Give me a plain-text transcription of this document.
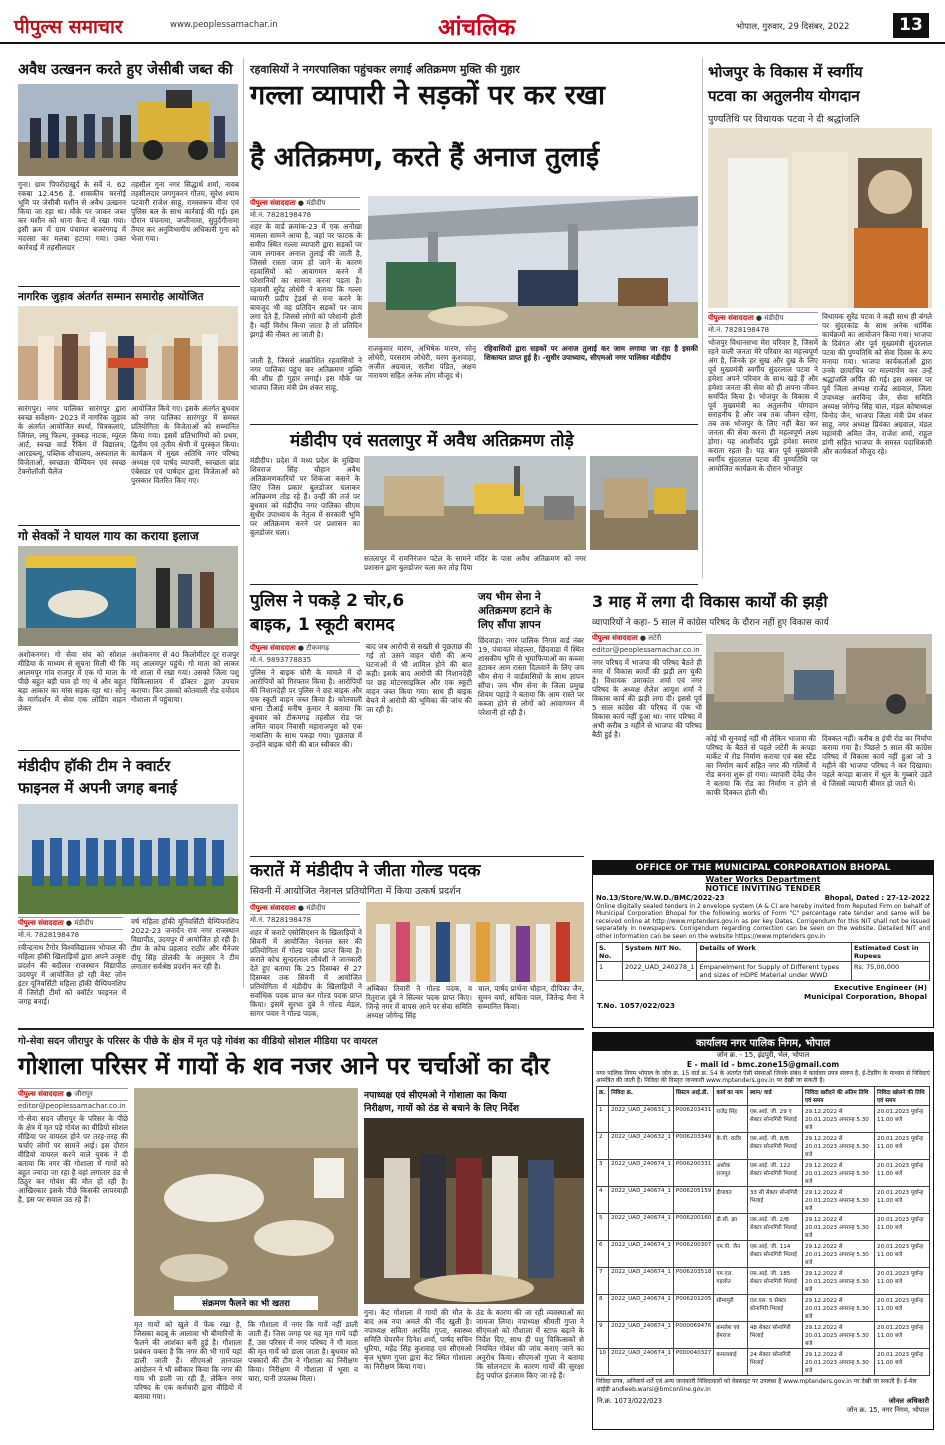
पीपुल्स समाचार	www.peoplessamachar.in	आंचलिक	भोपाल, गुरुवार, 29 दिसंबर, 2022	13
अवैध उत्खनन करते हुए जेसीबी जब्त की
गुना। ग्राम पिपरोदाखुर्द के सर्वे नं. 62 रकबा 12.456 हे. शासकीय चरनोई भूमि पर जेसीबी मशीन से अवैध उत्खनन किया जा रहा था। मौके पर जाकर जब्त कर मशीन को थाना कैन्ट में रखा गया। इसी क्रम में ग्राम पंचायत बजरंगगढ़ में मदरसा का मलबा हटाया गया। उक्त कार्रवाई में तहसीलदार
तहसील गुना नगर सिद्धार्थ शर्मा, नायब तहसीलदार जगगुकरन गौतम, सुरेश श्याम पटवारी राजेश साहू, रामस्वरूप मीना एवं पुलिस बल के साथ कार्रवाई की गई। इस दौरान पंचनामा, जप्तीनामा, सुपुर्दगीनामा तैयार कर अनुविभागीय अधिकारी गुना को भेजा गया।
नागरिक जुड़ाव अंतर्गत सम्मान समारोह आयोजित
सारंगपुर। नगर पालिका सारंगपुर द्वारा स्वच्छ सर्वेक्षण- 2023 में नागरिक जुड़ाव के अंतर्गत आयोजित स्पर्धा, चित्रकलाएं, जिंगल, लघु फिल्म, नुक्कड़ नाटक, म्यूरल आर्ट, स्वच्छ वार्ड रैंकिंग में विद्यालय, आरडब्ल्यू, पब्लिक शौचालय, अस्पताल के विजेताओं, स्वच्छता चैम्पियन एवं स्वच्छ टेक्नोलॉजी चैलेंज
आयोजित किये गए। इसके अंतर्गत बुधवार को नगर पालिका सारंगपुर में समस्त प्रतियोगिता के विजेताओं को सम्मानित किया गया। इसमें प्रतिभागियों को प्रथम, द्वितीय एवं तृतीय श्रेणी में पुरस्कृत किया। कार्यक्रम में मुख्य अतिथि नगर परिषद अध्यक्ष एवं पार्षद व्यापारी, स्वच्छता ब्रांड एंबेसडर एवं पार्षदार द्वारा विजेताओं को पुरस्कार वितरित किए गए।
गो सेवकों ने घायल गाय का कराया इलाज
अशोकनगर। गो सेवा संघ को सोशल मीडिया के माध्यम से सूचना मिली थी कि आलमपुर गांव राजपुर में एक गो माता के पीछे बहुत बड़ी घाव हो गए थे और बहुत बड़ा आकार का मांस सड़क रहा था। सोनू के मार्गदर्शन में सेवा एक लोडिंग वाहन लेकर
अशोकनगर से 40 किलोमीटर दूर राजपुर मद् आलमपुर पहुंचे। गो माता को लाकर गो शाला में रखा गया। उसको जिला पशु चिकित्सालय में डॉक्टर द्वारा उपचार कराया। फिर उसको कोतवाली रोड दयोदय गौशाला में पहुंचाया।
मंडीदीप हॉकी टीम ने क्वार्टर
फाइनल में अपनी जगह बनाई
पीपुल्स संवाददाता ● मंडीदीप
मो.नं. 7828198478
रवीन्द्रनाथ टैगोर विश्वविद्यालय भोपाल की महिला हॉकी खिलाड़ियों द्वारा अपने उत्कृष्ट प्रदर्शन की बदौलत राजस्थान विद्यापीठ उदयपुर में आयोजित हो रही वेस्ट ज़ोन इंटर यूनिवर्सिटी महिला हॉकी चैम्पियनशिप में जिरोही टीमों को क्वॉर्टर फाइनल में जगह बनाई।
वर्ष महिला हॉकी यूनिवर्सिटी चैम्पियनशिप 2022-23 जनार्दन राय नगर राजस्थान विद्यापीठ, उदयपुर में आयोजित हो रही है। टीम के कोच प्रहलाद राठौर और मैनेजर दीपू सिंह ठोलंकी के अनुसार ने टीम लगातार सर्वश्रेष्ठ प्रदर्शन कर रही है।
रहवासियों ने नगरपालिका पहुंचकर लगाई अतिक्रमण मुक्ति की गुहार
गल्ला व्यापारी ने सड़कों पर कर रखा
है अतिक्रमण, करते हैं अनाज तुलाई
पीपुल्स संवाददाता ● मंडीदीप
मो.नं. 7828198478
शहर के वार्ड क्रमांक-23 में एक अनोखा मामला सामने आया है, जहां पर फाटक के समीप स्थित गल्ला व्यापारी द्वारा सड़कों पर जाम लगाकर अनाज तुलाई की जाती है, जिससे रास्ता जाम हो जाने के कारण रहवासियों को आवागमन करने में परेशानियों का सामना करना पड़ता है। रहवासी सुरेंद्र लोधेरी ने बताया कि गल्ला व्यापारी प्रदीप ट्रेडर्स से मना करने के बावजूद भी वह प्रतिदिन सड़कों पर जाम लगा देते हैं, जिससे लोगों को परेशानी होती है। वहीं विरोध किया जाता है तो प्रतिदिन झगड़े की नौबत आ जाती है।
जाती है, जिससे आक्रोशित रहवासियों ने नगर पालिका पहुंच कर अतिक्रमण मुक्ति की शीघ्र ही गुहार लगाई। इस मौके पर भाजपा जिला मंत्री प्रेम शंकर साहू,
राजकुमार मारण, अभिषेक मारण, सोनू लोधेरी, परसराम लोधेरी, चरण कुशवाहा, अजीत अग्रवाल, सतीश पंडित, अक्षय नारायण सहित अनेक लोग मौजूद थे।
रहिवासियों द्वारा सड़कों पर अनाज तुलाई कर जाम लगाया जा रहा है इसकी शिकायत प्राप्त हुई है। -सुधीर उपाध्याय, सीएमओ नगर पालिका मंडीदीप
मंडीदीप एवं सतलापुर में अवैध अतिक्रमण तोड़े
मंडीदीप। प्रदेश में मध्य प्रदेश के मुखिया शिवराज सिंह चौहान अवैध अतिक्रमणकारियों पर शिकंजा कसने के लिए जिस प्रकार बुलडोजर चलाकर अतिक्रमण तोड़ रहे हैं। उन्हीं की तर्ज पर बुधवार को मंडीदीप नगर पालिका सीएम सुधीर उपाध्याय के नेतृत्व में सरकारी भूमि पर अतिक्रमण करने पर प्रशासन का बुलडोजर चला।
सतलापुर में रामनिरंजन पटेल के सामने मंदिर के पास अवैध अतिक्रमण को नगर प्रशासन द्वारा बुलडोजर चला कर तोड़ दिया
पुलिस ने पकड़े 2 चोर,6
बाइक, 1 स्कूटी बरामद
पीपुल्स संवाददाता ● टीकमगढ़
मो.नं. 9893778835
पुलिस ने बाइक चोरी के मामले में दो आरोपियों को गिरफ्तार किया है। आरोपियों की निशानदेही पर पुलिस ने छह बाइक और एक स्कूटी वाहन जब्त किया है। कोतवाली थाना टीआई मनीष कुमार ने बताया कि बुधवार को टीकमगढ़ तहसील रोड पर अमित यादव निवासी महाराजपुरा को एक नाबालिग के साथ पकड़ा गया। पूछताछ में उन्होंने बाइक चोरी की बात स्वीकार की।
बाद जब आरोपी से सख्ती से पूछताछ की गई तो उसने वाहन चोरी की अन्य घटनाओं में भी शामिल होने की बात कही। इसके बाद आरोपी की निशानदेही पर छह मोटरसाइकिल और एक स्कूटी वाहन जब्त किया गया। साथ ही बाइक बेचने में आरोपी की भूमिका की जांच की जा रही है।
जय भीम सेना ने
अतिक्रमण हटाने के
लिए सौंपा ज्ञापन
छिंदवाड़ा। नगर पालिक निगम वार्ड नंबर 19, पंचायत मोहल्ला, छिंदवाड़ा में स्थित शासकीय भूमि से भूमाफियाओं का कब्जा हटाकर आम रास्ता दिलवाने के लिए जय भीम सेना ने वार्डवासियों के साथ ज्ञापन सौंपा। जय भीम सेना के जिला प्रमुख शिवम पहाड़े ने बताया कि आम रास्ते पर कब्जा होने से लोगों को आवागमन में परेशानी हो रही है।
3 माह में लगा दी विकास कार्यों की झड़ी
व्यापारियों ने कहा- 5 साल में कांग्रेस परिषद के दौरान नहीं हुए विकास कार्य
पीपुल्स संवाददाता ● लटेरी
editor@peoplessamachar.co.in
नगर परिषद में भाजपा की परिषद बैठते ही नगर में विकास कार्यों की झड़ी लग चुकी है। विधायक उमाकांत शर्मा एवं नगर परिषद के अध्यक्ष शैलेश आयुश शर्मा ने विकास कार्य की झड़ी लगा दी। इससे पूर्व 5 साल कांग्रेस की परिषद में एक भी विकास कार्य नहीं हुआ था। नगर परिषद में अभी करीब 3 महीने से भाजपा की परिषद बैठी हुई है।	कोई भी सुनवाई नहीं थी लेकिन भाजपा की परिषद के बैठते से पहले लटेरी के कपड़ा मार्केट में रोड निर्माण कराया एवं बस स्टैंड का निर्माण कार्य सहित नगर की गलियों में रोड बनना शुरू हो गया। व्यापारी देवेंद्र जैन ने बताया कि रोड का निर्माण न होने से काफी दिक्कत होती थी।
दिक्कत नहीं। करीब 8 इंची रोड का निर्माण कराया गया है। पिछले 5 साल की कांग्रेस परिषद में विकास कार्य नहीं हुआ जो 3 महीने की भाजपा परिषद ने कर दिखाया। पहले कपड़ा बाजार में धूल के गुब्बारे उड़ते थे जिससे व्यापारी बीमार हो जाते थे।
करातें में मंडीदीप ने जीता गोल्ड पदक
सिवनी में आयोजित नेशनल प्रतियोगिता में किया उत्कर्ष प्रदर्शन
पीपुल्स संवाददाता ● मंडीदीप
मो.नं. 7828198478
शहर में कराटे एसोसिएशन के खिलाड़ियों ने सिवनी में आयोजित नेशनल स्तर की प्रतियोगिता में गोल्ड पदक प्राप्त किया है। कराते कोच सुन्दरलाल लौवंशी ने जानकारी देते हुए बताया कि 25 दिसम्बर से 27 दिसम्बर तक सिवनी में आयोजित प्रतियोगिता में मंडीदीप के खिलाड़ियों ने सर्वाधिक पदक प्राप्त कर गोल्ड पदक प्राप्त किया। इसमें सुरभा दुबे ने गोल्ड मेडल, सागर पवार ने गोल्ड पदक,
अम्बिका तिवारी ने गोल्ड पदक, व रितुराज दुबे ने सिल्वर पदक प्राप्त किए। जिन्हे नगर में वापस आने पर सेवा समिति अध्यक्ष जोगेन्द्र सिंह
चाल, पार्षद प्रार्थना चौहान, दीपिका जैन, सुमन वर्मा, सचिता पाल, जितेन्द्र मैना ने सम्मानित किया।
भोजपुर के विकास में स्वर्गीय
पटवा का अतुलनीय योगदान
पुण्यतिथि पर विधायक पटवा ने दी श्रद्धांजलि
पीपुल्स संवाददाता ● मंडीदीप
मो.नं. 7828198478
भोजपुर विधानसभा मेरा परिवार है, जिसमें रहने वाली जनता मेरे परिवार का महत्त्वपूर्ण अंग है, जिनके हर सुख और दुख के लिए पूर्व मुख्यमंत्री स्वर्गीय सुंदरलाल पटवा ने हमेशा अपने परिवार के साथ खड़े हैं और हमेशा जनता की सेवा को ही अपना जीवन समर्पित किया है। भोजपुर के विकास में पूर्व मुख्यमंत्री का अतुलनीय योगदान सराहनीय है और जब तक जीवन रहेगा, तब तक भोजपुर के लिए नहीं बैठा कर जनता की सेवा करना ही महत्वपूर्ण लक्ष्य होगा। यह आशीर्वाद मुझे हमेशा स्मरण कराता रहता है। यह बात पूर्व मुख्यमंत्री स्वर्गीय सुंदरलाल पटवा की पुण्यतिथि पर आयोजित कार्यक्रम के दौरान भोजपुर
विधायक सुरेंद्र पटवा ने कही साथ ही बंगले पर सुंदरकांड के साथ अनेक धार्मिक कार्यक्रमों का आयोजन किया गया। भाजपा के दिवंगत और पूर्व मुख्यमंत्री सुंदरलाल पटवा की पुण्यतिथि को सेवा दिवस के रूप मनाया गया। भाजपा कार्यकर्ताओं द्वारा उनके छायाचित्र पर माल्यार्पण कर उन्हें श्रद्धांजलि अर्पित की गई। इस अवसर पर पूर्व जिला अध्यक्ष राजेंद्र अग्रवाल, जिला उपाध्यक्ष अरविन्द जैन, सेवा समिति अध्यक्ष जोगेन्द्र सिंह चाल, मंडल कोषाध्यक्ष विनोद जैन, भाजपा जिला मंत्री प्रेम शंकर साहू, नगर अध्यक्ष प्रियंका अग्रवाल, मंडल महामंत्री अमित जैन, राजेश शर्मा, राहुल डांगी सहित भाजपा के समस्त पदाधिकारी और कार्यकर्ता मौजूद रहे।
OFFICE OF THE MUNICIPAL CORPORATION BHOPAL
Water Works Department
NOTICE INVITING TENDER
No.13/Store/W.W.D./BMC/2022-23	Bhopal, Dated : 27-12-2022
Online digitally sealed tenders in 2 envelope system (A & C) are hereby invited from Reputed Firm on behalf of Municipal Corporation Bhopal for the following works of Form "C" percentage rate tender and same will be received online at http://www.mptenders.gov.in as per key Dates. Corrigendum for this NIT shall not be issued separately in newspapers. Corrigendum regarding correction can be seen on the website. Detailed NIT and other information can be seen on the website https://www.mptenders.gov.in
S. No.	System NIT No.	Details of Work	Estimated Cost in Rupees
1	2022_UAD_240278_1	Empanelment for Supply of Different types and sizes of HDPE Material under WWD	Rs. 75,00,000
Executive Engineer (H)
Municipal Corporation, Bhopal
T.No. 1057/022/023
कार्यालय नगर पालिक निगम, भोपाल
जोन क्र. - 15, इंद्रपुरी, भेल, भोपाल
E - mail id - bmc.zone15@gmail.com
नगर पालिक निगम भोपाल के जोन क्र. 15 वार्ड क्र. 54 के अंतर्गत ऐसी संस्थाओं जिनके संबंध में कार्यवार प्रपत्र संलग्न है, ई-टेंडरिंग के माध्यम से निविदाएं आमंत्रित की जाती हैं। निविदा की विस्तृत जानकारी www.mptenders.gov.in पर देखी जा सकती है।
क्र.	निविदा क्र.	सिस्टम आई.डी.	कार्य का नाम	स्थान/ वार्ड	निविदा खरीदने की अंतिम तिथि एवं समय	निविदा खोलने की तिथि एवं समय
1	2022_UAD_240631_1	P006203431	राजेंद्र सिंह	एस.आई. जी. 29 ए सेक्टर सोनागिरी भिलाई	29.12.2022 से 20.01.2023 अपरान्ह 5.30 बजे	20.01.2023 पूर्वान्ह 11.00 बजे
2	2022_UAD_240632_1	P006203349	के.पी. राठौर	एस.आई. जी. 8/B सेक्टर सोनागिरी भिलाई	29.12.2022 से 20.01.2023 अपरान्ह 5.30 बजे	20.01.2023 पूर्वान्ह 11.00 बजे
3	2022_UAD_240674_1	P006200331	अशोक राजपूत	एस.आई. जी. 122 सेक्टर सोनागिरी भिलाई	29.12.2022 से 20.01.2023 अपरान्ह 5.30 बजे	20.01.2023 पूर्वान्ह 11.00 बजे
4	2022_UAD_240674_1	P006205159	दीपावत	33 सी सेक्टर सोनागिरी भिलाई	29.12.2022 से 20.01.2023 अपरान्ह 5.30 बजे	20.01.2023 पूर्वान्ह 11.00 बजे
5	2022_UAD_240674_1	P006200160	डी.सी. झा	एस.आई. जी. 2/B सेक्टर सोनागिरी भिलाई	29.12.2022 से 20.01.2023 अपरान्ह 5.30 बजे	20.01.2023 पूर्वान्ह 11.00 बजे
6	2022_UAD_240674_1	P006200307	एम.पी. जैन	एस.आई. जी. 114 सेक्टर सोनागिरी भिलाई	29.12.2022 से 20.01.2023 अपरान्ह 5.30 बजे	20.01.2023 पूर्वान्ह 11.00 बजे
7	2022_UAD_240674_1	P006203518	एम.एल. गहलोत	एस.आई. जी. 185 सेक्टर सोनागिरी भिलाई	29.12.2022 से 20.01.2023 अपरान्ह 5.30 बजे	20.01.2023 पूर्वान्ह 11.00 बजे
8	2022_UAD_240674_1	P006201205	सौम्यपुरी	एल.एस. 5 सेक्टर सोनागिरी भिलाई	29.12.2022 से 20.01.2023 अपरान्ह 5.30 बजे	20.01.2023 पूर्वान्ह 11.00 बजे
9	2022_UAD_240674_1	P000069476	कमलेश एवं हेमराज	48 सेक्टर सोनागिरी भिलाई	29.12.2022 से 20.01.2023 अपरान्ह 5.30 बजे	20.01.2023 पूर्वान्ह 11.00 बजे
10	2022_UAD_240674_1	P000040327	कमलाबाई	24 सेक्टर सोनागिरी भिलाई	29.12.2022 से 20.01.2023 अपरान्ह 5.30 बजे	20.01.2023 पूर्वान्ह 11.00 बजे
निविदा प्रपत्र, अनिवार्य शर्तें एवं अन्य जानकारी निविदाकारों को वेबसाइट पर उपलब्ध है www.mptenders.gov.in पर देखी जा सकती है। ई-मेल आईडी andleeb.warsi@bmconline.gov.in
नि.क्र. 1073/022/023	जोनल अधिकारी
जोन क्र. 15, नगर निगम, भोपाल
गो-सेवा सदन जीरापुर के परिसर के पीछे के क्षेत्र में मृत पड़े गोवंश का वीडियो सोशल मीडिया पर वायरल
गोशाला परिसर में गायों के शव नजर आने पर चर्चाओं का दौर
पीपुल्स संवाददाता ● जीरापुर
editor@peoplessamachar.co.in
गो-सेवा सदन जीरापुर के परिसर के पीछे के क्षेत्र में मृत पड़े गोवंश का वीडियो सोशल मीडिया पर वायरल होने पर तरह-तरह की चर्चाएं लोगों पर सामने आई। इस दौरान वीडियो वायरल करने वाले युवक ने दी बताया कि नगर की गोशाला में गायों को बहुत ज्यादा जा रहा है वहां लगातार ठंड से ठिठुर कर गोवंश की मौत हो रही है। आखिरकार इसके पीछे किसकी लापरवाही है, इस पर सवाल उठ रहे हैं।
संक्रमण फैलने का भी खतरा
मृत गायों को खुले में फेंक रखा है, जिसका बदबू के आलावा भी बीमारियों के फैलने की आशंका बनी हुई है। गौशाला प्रबंधन वक्ता है कि नगर की भी गायें यहां डाली जाती हैं। सीएमओ ज्ञानपाल आंदोलन ने भी स्वीकार किया कि नगर की गाय भी डाली जा रही हैं, लेकिन नगर परिषद के एक कर्मचारी द्वारा वीडियो में बताया गया।
कि गौशाला में नगर कि गायें नहीं डाली जाती हैं। जिस जगह पर यह मृत गायें पड़ी हैं, उस परिसर में नगर परिषद ने गौ माता की मृत गायें को डाला जाता है। बुधवार को पत्रकारों की टीम ने गौशाला का निरीक्षण किया। निरीक्षण में गौशाला में भूसा व चारा, पानी उपलब्ध मिला।
नपाध्यक्ष एवं सीएमओ ने गोशाला का किया
निरीक्षण, गायों को ठंड से बचाने के लिए निर्देश
गुना। केट गोशाला में गायों की मौत के बाद अब नपा अमले की नींद खुली है। नपाध्यक्ष सविता अरविंद गुप्ता, स्वास्थ्य समिति चेयरमैन दिनेश शर्मा, पार्षद सचिन धुरिया, महेंद्र सिंह कुशवाह एवं सीएमओ बृज भूषण गुप्ता द्वारा केट स्थित गोशाला का निरीक्षण किया गया।
ठंड के कारण की जा रही व्यवस्थाओं का जायजा लिया। नपाध्यक्ष श्रीमती गुप्ता ने सीएमओ को गौशाला में स्टाफ बढ़ाने के निर्देश दिए, साथ ही पशु चिकित्सकों से नियमित गोवंश की जांच कराए जाने का अनुरोध किया। सीएमओ गुप्ता ने बताया कि सोलनटार के कारण गायों की सुरक्षा हेतु पर्याप्त इंतजाम किए जा रहे हैं।
